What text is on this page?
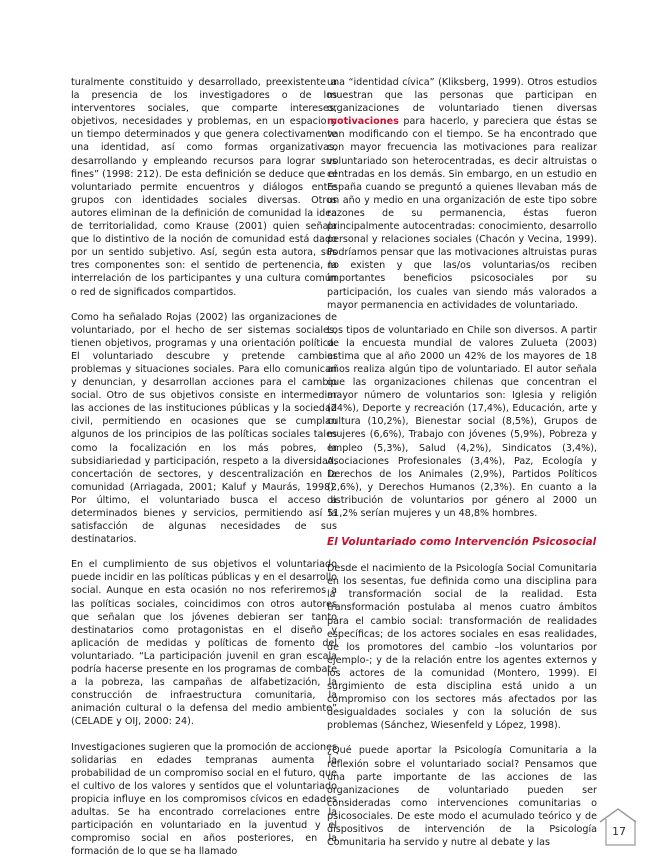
turalmente constituido y desarrollado, preexistente a la presencia de los investigadores o de los interventores sociales, que comparte intereses, objetivos, necesidades y problemas, en un espacio y un tiempo determinados y que genera colectivamente una identidad, así como formas organizativas, desarrollando y empleando recursos para lograr sus fines” (1998: 212). De esta definición se deduce que el voluntariado permite encuentros y diálogos entre grupos con identidades sociales diversas. Otros autores eliminan de la definición de comunidad la idea de territorialidad, como Krause (2001) quien señala que lo distintivo de la noción de comunidad está dado por un sentido subjetivo. Así, según esta autora, sus tres componentes son: el sentido de pertenencia, la interrelación de los participantes y una cultura común o red de significados compartidos.

Como ha señalado Rojas (2002) las organizaciones de voluntariado, por el hecho de ser sistemas sociales, tienen objetivos, programas y una orientación política. El voluntariado descubre y pretende cambiar problemas y situaciones sociales. Para ello comunican y denuncian, y desarrollan acciones para el cambio social. Otro de sus objetivos consiste en intermediar las acciones de las instituciones públicas y la sociedad civil, permitiendo en ocasiones que se cumplan algunos de los principios de las políticas sociales tales como la focalización en los más pobres, la subsidiariedad y participación, respeto a la diversidad, concertación de sectores, y descentralización en la comunidad (Arriagada, 2001; Kaluf y Maurás, 1998). Por último, el voluntariado busca el acceso a determinados bienes y servicios, permitiendo así la satisfacción de algunas necesidades de sus destinatarios.

En el cumplimiento de sus objetivos el voluntariado puede incidir en las políticas públicas y en el desarrollo social. Aunque en esta ocasión no nos referiremos a las políticas sociales, coincidimos con otros autores que señalan que los jóvenes debieran ser tanto destinatarios como protagonistas en el diseño y aplicación de medidas y políticas de fomento del voluntariado. “La participación juvenil en gran escala podría hacerse presente en los programas de combate a la pobreza, las campañas de alfabetización, la construcción de infraestructura comunitaria, la animación cultural o la defensa del medio ambiente” (CELADE y OIJ, 2000: 24).

Investigaciones sugieren que la promoción de acciones solidarias en edades tempranas aumenta la probabilidad de un compromiso social en el futuro, que el cultivo de los valores y sentidos que el voluntariado propicia influye en los compromisos cívicos en edades adultas. Se ha encontrado correlaciones entre la participación en voluntariado en la juventud y el compromiso social en años posteriores, en la formación de lo que se ha llamado

una “identidad cívica” (Kliksberg, 1999). Otros estudios muestran que las personas que participan en organizaciones de voluntariado tienen diversas motivaciones para hacerlo, y pareciera que éstas se van modificando con el tiempo. Se ha encontrado que con mayor frecuencia las motivaciones para realizar voluntariado son heterocentradas, es decir altruistas o centradas en los demás. Sin embargo, en un estudio en España cuando se preguntó a quienes llevaban más de un año y medio en una organización de este tipo sobre razones de su permanencia, éstas fueron principalmente autocentradas: conocimiento, desarrollo personal y relaciones sociales (Chacón y Vecina, 1999). Podríamos pensar que las motivaciones altruistas puras no existen y que las/os voluntarias/os reciben importantes beneficios psicosociales por su participación, los cuales van siendo más valorados a mayor permanencia en actividades de voluntariado.

Los tipos de voluntariado en Chile son diversos. A partir de la encuesta mundial de valores Zulueta (2003) estima que al año 2000 un 42% de los mayores de 18 años realiza algún tipo de voluntariado. El autor señala que las organizaciones chilenas que concentran el mayor número de voluntarios son: Iglesia y religión (24%), Deporte y recreación (17,4%), Educación, arte y cultura (10,2%), Bienestar social (8,5%), Grupos de mujeres (6,6%), Trabajo con jóvenes (5,9%), Pobreza y empleo (5,3%), Salud (4,2%), Sindicatos (3,4%), Asociaciones Profesionales (3,4%), Paz, Ecología y Derechos de los Animales (2,9%), Partidos Políticos (2,6%), y Derechos Humanos (2,3%). En cuanto a la distribución de voluntarios por género al 2000 un 51,2% serían mujeres y un 48,8% hombres.

El Voluntariado como Intervención Psicosocial

Desde el nacimiento de la Psicología Social Comunitaria en los sesentas, fue definida como una disciplina para la transformación social de la realidad. Esta transformación postulaba al menos cuatro ámbitos para el cambio social: transformación de realidades específicas; de los actores sociales en esas realidades, de los promotores del cambio –los voluntarios por ejemplo-; y de la relación entre los agentes externos y los actores de la comunidad (Montero, 1999). El surgimiento de esta disciplina está unido a un compromiso con los sectores más afectados por las desigualdades sociales y con la solución de sus problemas (Sánchez, Wiesenfeld y López, 1998).

¿Qué puede aportar la Psicología Comunitaria a la reflexión sobre el voluntariado social? Pensamos que una parte importante de las acciones de las organizaciones de voluntariado pueden ser consideradas como intervenciones comunitarias o psicosociales. De este modo el acumulado teórico y de dispositivos de intervención de la Psicología Comunitaria ha servido y nutre al debate y las

17
